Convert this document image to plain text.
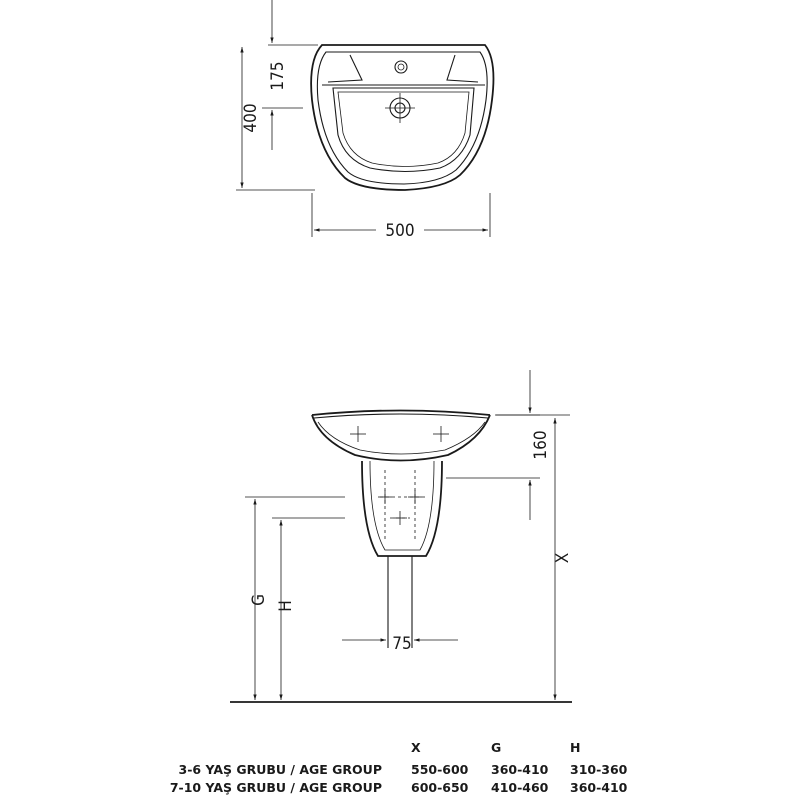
400
175
500
160
X
G
H
75
X	G	H
3-6 YAŞ GRUBU / AGE GROUP 550-600 360-410 310-360
7-10 YAŞ GRUBU / AGE GROUP 600-650 410-460 360-410
